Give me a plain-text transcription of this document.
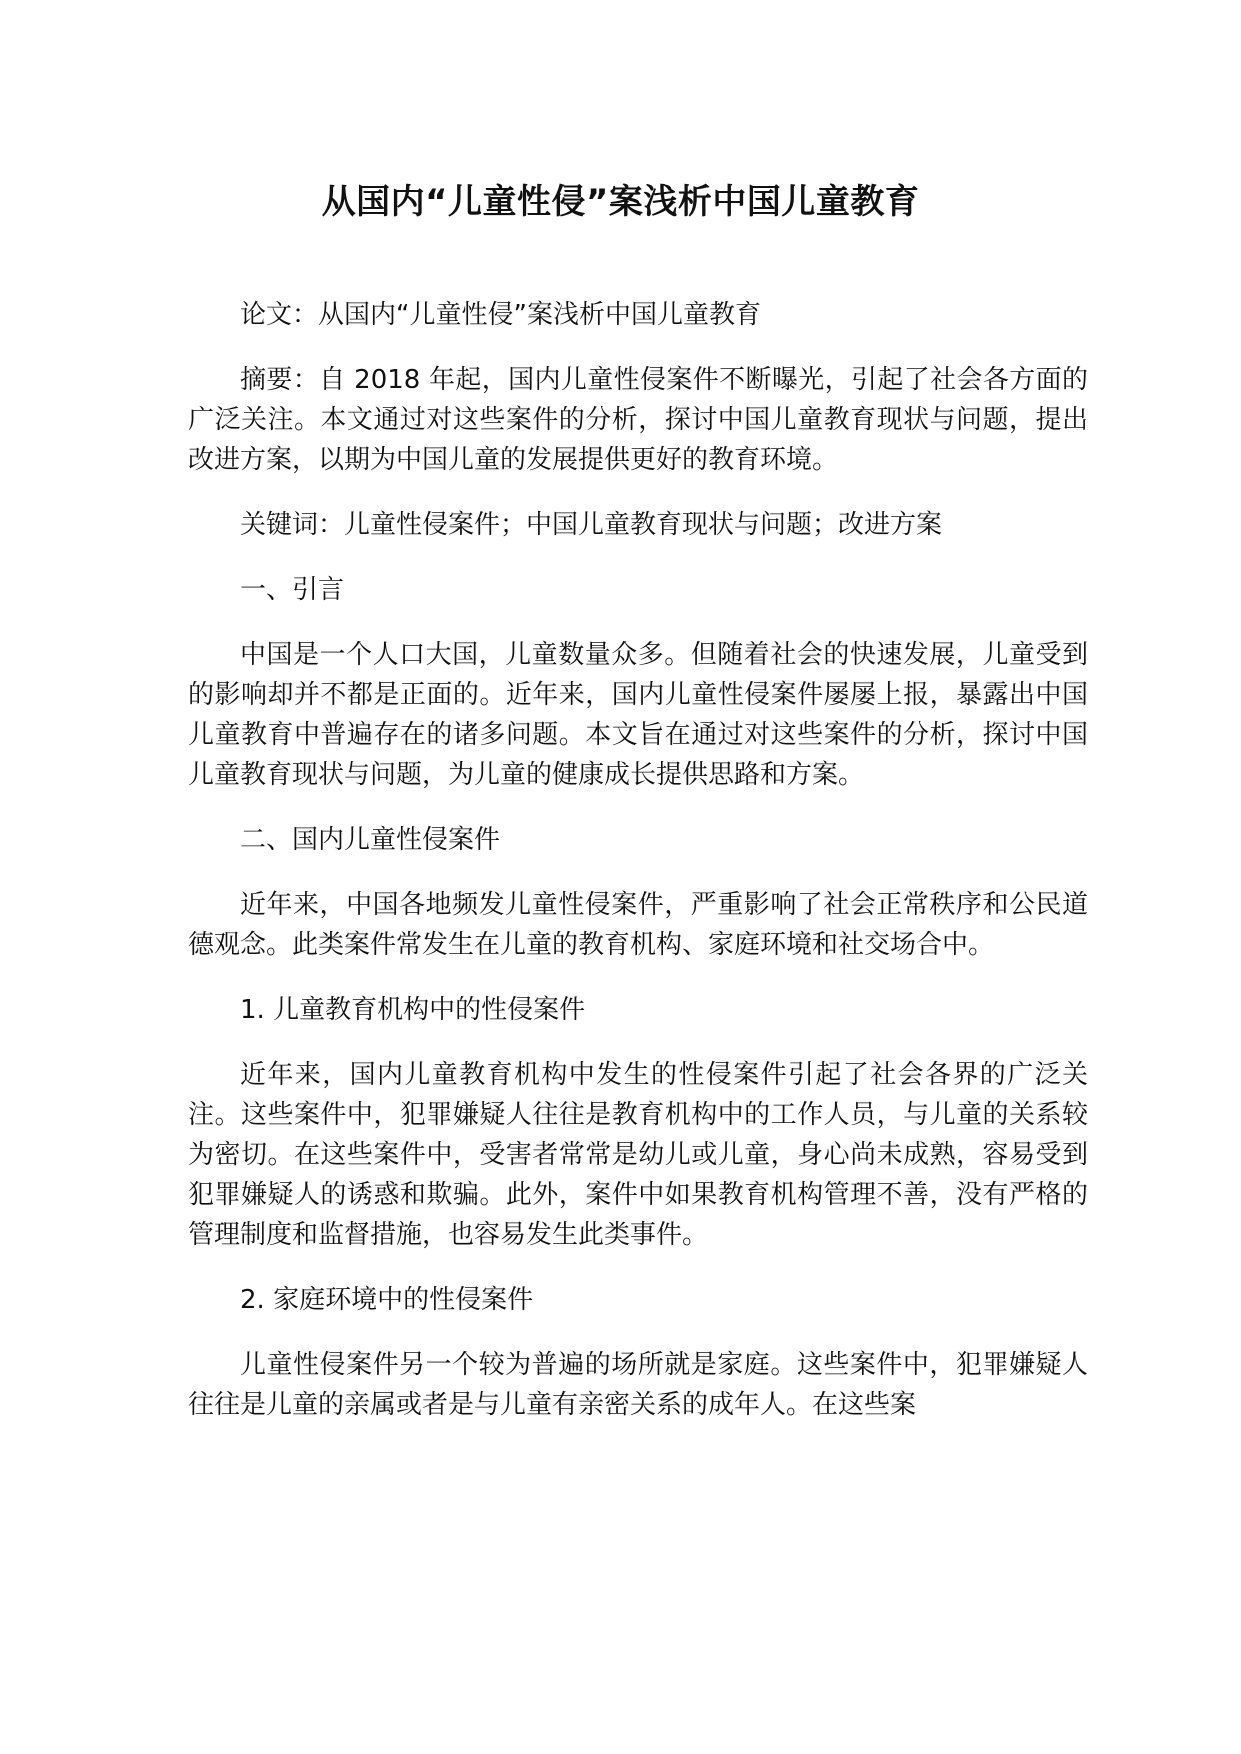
从国内“儿童性侵”案浅析中国儿童教育

论文：从国内“儿童性侵”案浅析中国儿童教育

摘要：自 2018 年起，国内儿童性侵案件不断曝光，引起了社会各方面的广泛关注。本文通过对这些案件的分析，探讨中国儿童教育现状与问题，提出改进方案，以期为中国儿童的发展提供更好的教育环境。

关键词：儿童性侵案件；中国儿童教育现状与问题；改进方案

一、引言

中国是一个人口大国，儿童数量众多。但随着社会的快速发展，儿童受到的影响却并不都是正面的。近年来，国内儿童性侵案件屡屡上报，暴露出中国儿童教育中普遍存在的诸多问题。本文旨在通过对这些案件的分析，探讨中国儿童教育现状与问题，为儿童的健康成长提供思路和方案。

二、国内儿童性侵案件

近年来，中国各地频发儿童性侵案件，严重影响了社会正常秩序和公民道德观念。此类案件常发生在儿童的教育机构、家庭环境和社交场合中。

1. 儿童教育机构中的性侵案件

近年来，国内儿童教育机构中发生的性侵案件引起了社会各界的广泛关注。这些案件中，犯罪嫌疑人往往是教育机构中的工作人员，与儿童的关系较为密切。在这些案件中，受害者常常是幼儿或儿童，身心尚未成熟，容易受到犯罪嫌疑人的诱惑和欺骗。此外，案件中如果教育机构管理不善，没有严格的管理制度和监督措施，也容易发生此类事件。

2. 家庭环境中的性侵案件

儿童性侵案件另一个较为普遍的场所就是家庭。这些案件中，犯罪嫌疑人往往是儿童的亲属或者是与儿童有亲密关系的成年人。在这些案
